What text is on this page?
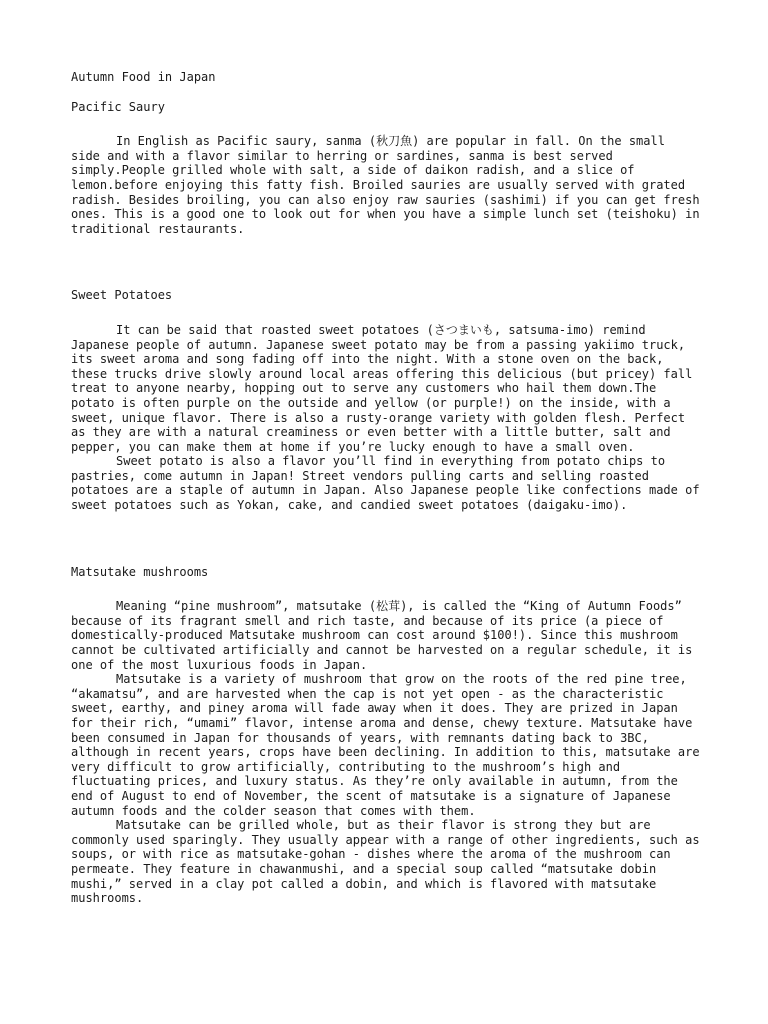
Autumn Food in Japan
Pacific Saury

In English as Pacific saury, sanma (秋刀魚) are popular in fall. On the small side and with a flavor similar to herring or sardines, sanma is best served simply.People grilled whole with salt, a side of daikon radish, and a slice of lemon.before enjoying this fatty fish. Broiled sauries are usually served with grated radish. Besides broiling, you can also enjoy raw sauries (sashimi) if you can get fresh ones. This is a good one to look out for when you have a simple lunch set (teishoku) in traditional restaurants.

Sweet Potatoes

It can be said that roasted sweet potatoes (さつまいも, satsuma-imo) remind Japanese people of autumn. Japanese sweet potato may be from a passing yakiimo truck, its sweet aroma and song fading off into the night. With a stone oven on the back, these trucks drive slowly around local areas offering this delicious (but pricey) fall treat to anyone nearby, hopping out to serve any customers who hail them down.The potato is often purple on the outside and yellow (or purple!) on the inside, with a sweet, unique flavor. There is also a rusty-orange variety with golden flesh. Perfect as they are with a natural creaminess or even better with a little butter, salt and pepper, you can make them at home if you’re lucky enough to have a small oven.

Sweet potato is also a flavor you’ll find in everything from potato chips to pastries, come autumn in Japan! Street vendors pulling carts and selling roasted potatoes are a staple of autumn in Japan. Also Japanese people like confections made of sweet potatoes such as Yokan, cake, and candied sweet potatoes (daigaku-imo).

Matsutake mushrooms

Meaning “pine mushroom”, matsutake (松茸), is called the “King of Autumn Foods” because of its fragrant smell and rich taste, and because of its price (a piece of domestically-produced Matsutake mushroom can cost around $100!). Since this mushroom cannot be cultivated artificially and cannot be harvested on a regular schedule, it is one of the most luxurious foods in Japan.

Matsutake is a variety of mushroom that grow on the roots of the red pine tree, “akamatsu”, and are harvested when the cap is not yet open - as the characteristic sweet, earthy, and piney aroma will fade away when it does. They are prized in Japan for their rich, “umami” flavor, intense aroma and dense, chewy texture. Matsutake have been consumed in Japan for thousands of years, with remnants dating back to 3BC, although in recent years, crops have been declining. In addition to this, matsutake are very difficult to grow artificially, contributing to the mushroom’s high and fluctuating prices, and luxury status. As they’re only available in autumn, from the end of August to end of November, the scent of matsutake is a signature of Japanese autumn foods and the colder season that comes with them.

Matsutake can be grilled whole, but as their flavor is strong they but are commonly used sparingly. They usually appear with a range of other ingredients, such as soups, or with rice as matsutake-gohan - dishes where the aroma of the mushroom can permeate. They feature in chawanmushi, and a special soup called “matsutake dobin mushi,” served in a clay pot called a dobin, and which is flavored with matsutake mushrooms.
